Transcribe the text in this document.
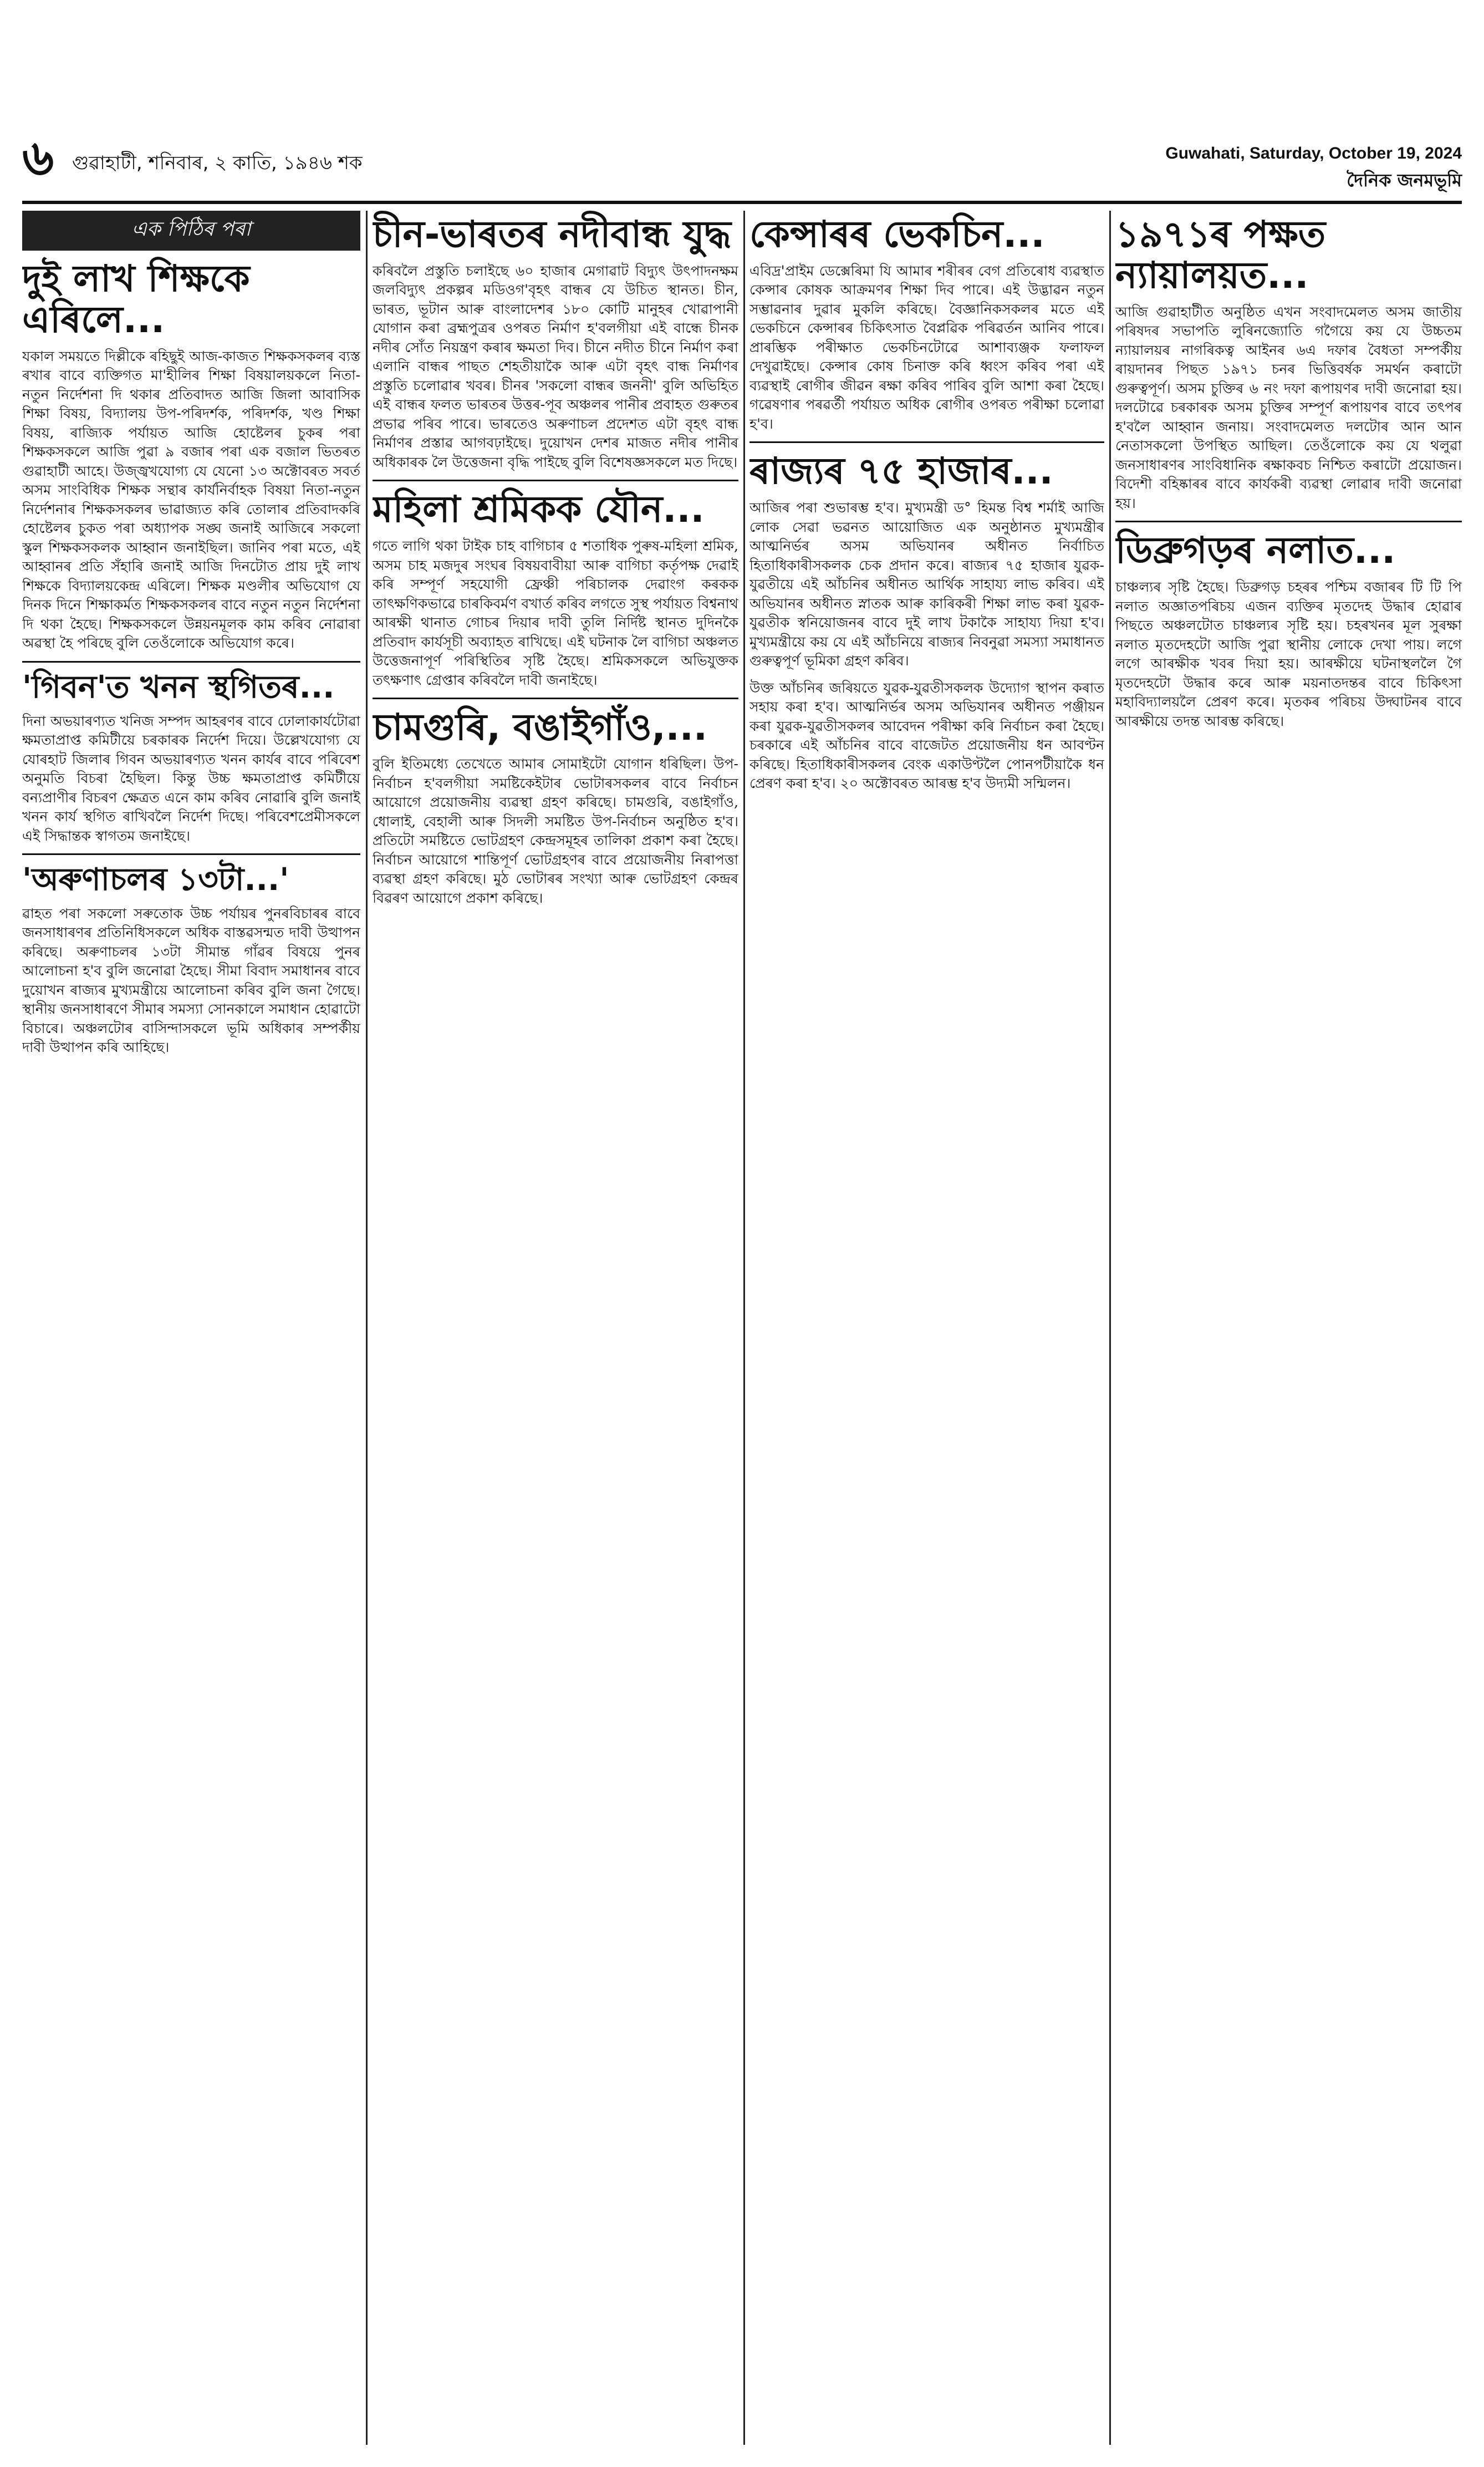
৬ গুৱাহাটী, শনিবাৰ, ২ কাতি, ১৯৪৬ শক	Guwahati, Saturday, October 19, 2024
দৈনিক জনমভূমি
এক পিঠিৰ পৰা
দুই লাখ শিক্ষকে এৰিলে...

যকাল সময়তে দিল্লীকে ৰহিছুই আজ-কাজত শিক্ষকসকলৰ ব্যস্ত ৰখাৰ বাবে ব্যক্তিগত মা'হীলিৰ শিক্ষা বিষয়ালয়কলে নিতা-নতুন নির্দেশনা দি থকাৰ প্রতিবাদত আজি জিলা আবাসিক শিক্ষা বিষয়, বিদ্যালয় উপ-পৰিদর্শক, পৰিদর্শক, খণ্ড শিক্ষা বিষয়, ৰাজ্যিক পর্যায়ত আজি হোষ্টেলৰ চুকৰ পৰা শিক্ষকসকলে আজি পুৱা ৯ বজাৰ পৰা এক বজাল ভিতৰত গুৱাহাটী আহে। উজ্জ্বখযোগ্য যে যেনো ১৩ অক্টোবৰত সবৰ্ত অসম সাংবিধিক শিক্ষক সন্থাৰ কাৰ্যনিৰ্বাহক বিষয়া নিতা-নতুন নির্দেশনাৰ শিক্ষকসকলৰ ভাৱাজ্যত কৰি তোলাৰ প্রতিবাদকৰি হোষ্টেলৰ চুকত পৰা অধ্যাপক সঙ্ঘ জনাই আজিৰে সকলো স্কুল শিক্ষকসকলক আহ্বান জনাইছিল। জানিব পৰা মতে, এই আহ্বানৰ প্রতি সঁহাৰি জনাই আজি দিনটোত প্রায় দুই লাখ শিক্ষকে বিদ্যালয়কেন্দ্ৰ এৰিলে। শিক্ষক মণ্ডলীৰ অভিযোগ যে দিনক দিনে শিক্ষাকৰ্মত শিক্ষকসকলৰ বাবে নতুন নতুন নির্দেশনা দি থকা হৈছে। শিক্ষকসকলে উন্নয়নমূলক কাম কৰিব নোৱাৰা অৱস্থা হৈ পৰিছে বুলি তেওঁলোকে অভিযোগ কৰে।

'গিবন'ত খনন স্থগিতৰ...

দিনা অভয়াৰণ্যত খনিজ সম্পদ আহৰণৰ বাবে ঢোলাকাৰ্যটোৱা ক্ষমতাপ্রাপ্ত কমিটীয়ে চৰকাৰক নিৰ্দেশ দিয়ে। উল্লেখযোগ্য যে যোৰহাট জিলাৰ গিবন অভয়াৰণ্যত খনন কাৰ্যৰ বাবে পৰিবেশ অনুমতি বিচৰা হৈছিল। কিন্তু উচ্চ ক্ষমতাপ্রাপ্ত কমিটীয়ে বন্যপ্রাণীৰ বিচৰণ ক্ষেত্ৰত এনে কাম কৰিব নোৱাৰি বুলি জনাই খনন কাৰ্য স্থগিত ৰাখিবলৈ নিৰ্দেশ দিছে। পৰিবেশপ্রেমীসকলে এই সিদ্ধান্তক স্বাগতম জনাইছে।

'অৰুণাচলৰ ১৩টা...'

ৱাহত পৰা সকলো সৰুতোক উচ্চ পৰ্যায়ৰ পুনৰবিচাৰৰ বাবে জনসাধাৰণৰ প্রতিনিধিসকলে অধিক বাস্তৱসন্মত দাবী উত্থাপন কৰিছে। অৰুণাচলৰ ১৩টা সীমান্ত গাঁৱৰ বিষয়ে পুনৰ আলোচনা হ'ব বুলি জনোৱা হৈছে। সীমা বিবাদ সমাধানৰ বাবে দুয়োখন ৰাজ্যৰ মুখ্যমন্ত্রীয়ে আলোচনা কৰিব বুলি জনা গৈছে। স্থানীয় জনসাধাৰণে সীমাৰ সমস্যা সোনকালে সমাধান হোৱাটো বিচাৰে। অঞ্চলটোৰ বাসিন্দাসকলে ভূমি অধিকাৰ সম্পর্কীয় দাবী উত্থাপন কৰি আহিছে।

চীন-ভাৰতৰ নদীবান্ধ যুদ্ধ

কৰিবলৈ প্ৰস্তুতি চলাইছে ৬০ হাজাৰ মেগাৱাট বিদ্যুৎ উৎপাদনক্ষম জলবিদ্যুৎ প্ৰকল্পৰ মডিওগ'বৃহৎ বান্ধৰ যে উচিত স্থানত। চীন, ভাৰত, ভূটান আৰু বাংলাদেশৰ ১৮০ কোটি মানুহৰ খোৱাপানী যোগান কৰা ব্ৰহ্মপুত্ৰৰ ওপৰত নিৰ্মাণ হ'বলগীয়া এই বান্ধে চীনক নদীৰ সোঁত নিয়ন্ত্ৰণ কৰাৰ ক্ষমতা দিব। চীনে নদীত চীনে নিৰ্মাণ কৰা এলানি বান্ধৰ পাছত শেহতীয়াকৈ আৰু এটা বৃহৎ বান্ধ নিৰ্মাণৰ প্ৰস্তুতি চলোৱাৰ খবৰ। চীনৰ 'সকলো বান্ধৰ জননী' বুলি অভিহিত এই বান্ধৰ ফলত ভাৰতৰ উত্তৰ-পূব অঞ্চলৰ পানীৰ প্ৰবাহত গুৰুতৰ প্ৰভাৱ পৰিব পাৰে। ভাৰতেও অৰুণাচল প্ৰদেশত এটা বৃহৎ বান্ধ নিৰ্মাণৰ প্ৰস্তাৱ আগবঢ়াইছে। দুয়োখন দেশৰ মাজত নদীৰ পানীৰ অধিকাৰক লৈ উত্তেজনা বৃদ্ধি পাইছে বুলি বিশেষজ্ঞসকলে মত দিছে।

মহিলা শ্ৰমিকক যৌন...

গতে লাগি থকা টাইক চাহ বাগিচাৰ ৫ শতাধিক পুৰুষ-মহিলা শ্ৰমিক, অসম চাহ মজদুৰ সংঘৰ বিষয়বাবীয়া আৰু বাগিচা কৰ্তৃপক্ষ দেৱাই কৰি সম্পূৰ্ণ সহযোগী ফ্রেঞ্চী পৰিচালক দেৱাংগ কৰকক তাৎক্ষণিকভাৱে চাৰকিবৰ্মণ বখাৰ্ত কৰিব লগতে সুস্থ পৰ্যায়ত বিশ্বনাথ আৰক্ষী থানাত গোচৰ দিয়াৰ দাবী তুলি নিৰ্দিষ্ট স্থানত দুদিনকৈ প্ৰতিবাদ কাৰ্যসূচী অব্যাহত ৰাখিছে। এই ঘটনাক লৈ বাগিচা অঞ্চলত উত্তেজনাপূৰ্ণ পৰিস্থিতিৰ সৃষ্টি হৈছে। শ্ৰমিকসকলে অভিযুক্তক তৎক্ষণাৎ গ্ৰেপ্তাৰ কৰিবলৈ দাবী জনাইছে।

চামগুৰি, বঙাইগাঁও,...

বুলি ইতিমধ্যে তেখেতে আমাৰ সোমাইটো যোগান ধৰিছিল। উপ-নিৰ্বাচন হ'বলগীয়া সমষ্টিকেইটাৰ ভোটাৰসকলৰ বাবে নিৰ্বাচন আয়োগে প্ৰয়োজনীয় ব্যৱস্থা গ্ৰহণ কৰিছে। চামগুৰি, বঙাইগাঁও, ধোলাই, বেহালী আৰু সিদলী সমষ্টিত উপ-নিৰ্বাচন অনুষ্ঠিত হ'ব। প্ৰতিটো সমষ্টিতে ভোটগ্ৰহণ কেন্দ্ৰসমূহৰ তালিকা প্ৰকাশ কৰা হৈছে। নিৰ্বাচন আয়োগে শান্তিপূৰ্ণ ভোটগ্ৰহণৰ বাবে প্ৰয়োজনীয় নিৰাপত্তা ব্যৱস্থা গ্ৰহণ কৰিছে। মুঠ ভোটাৰৰ সংখ্যা আৰু ভোটগ্ৰহণ কেন্দ্ৰৰ বিৱৰণ আয়োগে প্ৰকাশ কৰিছে।

কেন্সাৰৰ ভেকচিন...

এবিদ্ৰ'প্ৰাইম ডেক্সেৰিমা যি আমাৰ শৰীৰৰ বেগ প্ৰতিৰোধ ব্যৱস্থাত কেন্সাৰ কোষক আক্ৰমণৰ শিক্ষা দিব পাৰে। এই উদ্ভাৱন নতুন সম্ভাৱনাৰ দুৱাৰ মুকলি কৰিছে। বৈজ্ঞানিকসকলৰ মতে এই ভেকচিনে কেন্সাৰৰ চিকিৎসাত বৈপ্লৱিক পৰিৱৰ্তন আনিব পাৰে। প্ৰাৰম্ভিক পৰীক্ষাত ভেকচিনটোৱে আশাব্যঞ্জক ফলাফল দেখুৱাইছে। কেন্সাৰ কোষ চিনাক্ত কৰি ধ্বংস কৰিব পৰা এই ব্যৱস্থাই ৰোগীৰ জীৱন ৰক্ষা কৰিব পাৰিব বুলি আশা কৰা হৈছে। গৱেষণাৰ পৰৱৰ্তী পৰ্যায়ত অধিক ৰোগীৰ ওপৰত পৰীক্ষা চলোৱা হ'ব।

ৰাজ্যৰ ৭৫ হাজাৰ...

আজিৰ পৰা শুভাৰম্ভ হ'ব। মুখ্যমন্ত্ৰী ড° হিমন্ত বিশ্ব শৰ্মাই আজি লোক সেৱা ভৱনত আয়োজিত এক অনুষ্ঠানত মুখ্যমন্ত্ৰীৰ আত্মনিৰ্ভৰ অসম অভিযানৰ অধীনত নিৰ্বাচিত হিতাধিকাৰীসকলক চেক প্ৰদান কৰে। ৰাজ্যৰ ৭৫ হাজাৰ যুৱক-যুৱতীয়ে এই আঁচনিৰ অধীনত আৰ্থিক সাহায্য লাভ কৰিব। এই অভিযানৰ অধীনত স্নাতক আৰু কাৰিকৰী শিক্ষা লাভ কৰা যুৱক-যুৱতীক স্বনিয়োজনৰ বাবে দুই লাখ টকাকৈ সাহায্য দিয়া হ'ব। মুখ্যমন্ত্ৰীয়ে কয় যে এই আঁচনিয়ে ৰাজ্যৰ নিবনুৱা সমস্যা সমাধানত গুৰুত্বপূৰ্ণ ভূমিকা গ্ৰহণ কৰিব।

উক্ত আঁচনিৰ জৰিয়তে যুৱক-যুৱতীসকলক উদ্যোগ স্থাপন কৰাত সহায় কৰা হ'ব। আত্মনিৰ্ভৰ অসম অভিযানৰ অধীনত পঞ্জীয়ন কৰা যুৱক-যুৱতীসকলৰ আবেদন পৰীক্ষা কৰি নিৰ্বাচন কৰা হৈছে। চৰকাৰে এই আঁচনিৰ বাবে বাজেটত প্ৰয়োজনীয় ধন আবণ্টন কৰিছে। হিতাধিকাৰীসকলৰ বেংক একাউণ্টলৈ পোনপটীয়াকৈ ধন প্ৰেৰণ কৰা হ'ব। ২০ অক্টোবৰত আৰম্ভ হ'ব উদ্যমী সন্মিলন।

১৯৭১ৰ পক্ষত ন্যায়ালয়ত...

আজি গুৱাহাটীত অনুষ্ঠিত এখন সংবাদমেলত অসম জাতীয় পৰিষদৰ সভাপতি লুৰিনজ্যোতি গগৈয়ে কয় যে উচ্চতম ন্যায়ালয়ৰ নাগৰিকত্ব আইনৰ ৬এ দফাৰ বৈধতা সম্পৰ্কীয় ৰায়দানৰ পিছত ১৯৭১ চনৰ ভিত্তিবৰ্ষক সমৰ্থন কৰাটো গুৰুত্বপূৰ্ণ। অসম চুক্তিৰ ৬ নং দফা ৰূপায়ণৰ দাবী জনোৱা হয়। দলটোৱে চৰকাৰক অসম চুক্তিৰ সম্পূৰ্ণ ৰূপায়ণৰ বাবে তৎপৰ হ'বলৈ আহ্বান জনায়। সংবাদমেলত দলটোৰ আন আন নেতাসকলো উপস্থিত আছিল। তেওঁলোকে কয় যে থলুৱা জনসাধাৰণৰ সাংবিধানিক ৰক্ষাকবচ নিশ্চিত কৰাটো প্ৰয়োজন। বিদেশী বহিষ্কাৰৰ বাবে কাৰ্যকৰী ব্যৱস্থা লোৱাৰ দাবী জনোৱা হয়।

ডিব্ৰুগড়ৰ নলাত...

চাঞ্চল্যৰ সৃষ্টি হৈছে। ডিব্ৰুগড় চহৰৰ পশ্চিম বজাৰৰ টি টি পি নলাত অজ্ঞাতপৰিচয় এজন ব্যক্তিৰ মৃতদেহ উদ্ধাৰ হোৱাৰ পিছতে অঞ্চলটোত চাঞ্চল্যৰ সৃষ্টি হয়। চহৰখনৰ মূল সুৰক্ষা নলাত মৃতদেহটো আজি পুৱা স্থানীয় লোকে দেখা পায়। লগে লগে আৰক্ষীক খবৰ দিয়া হয়। আৰক্ষীয়ে ঘটনাস্থললৈ গৈ মৃতদেহটো উদ্ধাৰ কৰে আৰু ময়নাতদন্তৰ বাবে চিকিৎসা মহাবিদ্যালয়লৈ প্ৰেৰণ কৰে। মৃতকৰ পৰিচয় উদ্ঘাটনৰ বাবে আৰক্ষীয়ে তদন্ত আৰম্ভ কৰিছে।
